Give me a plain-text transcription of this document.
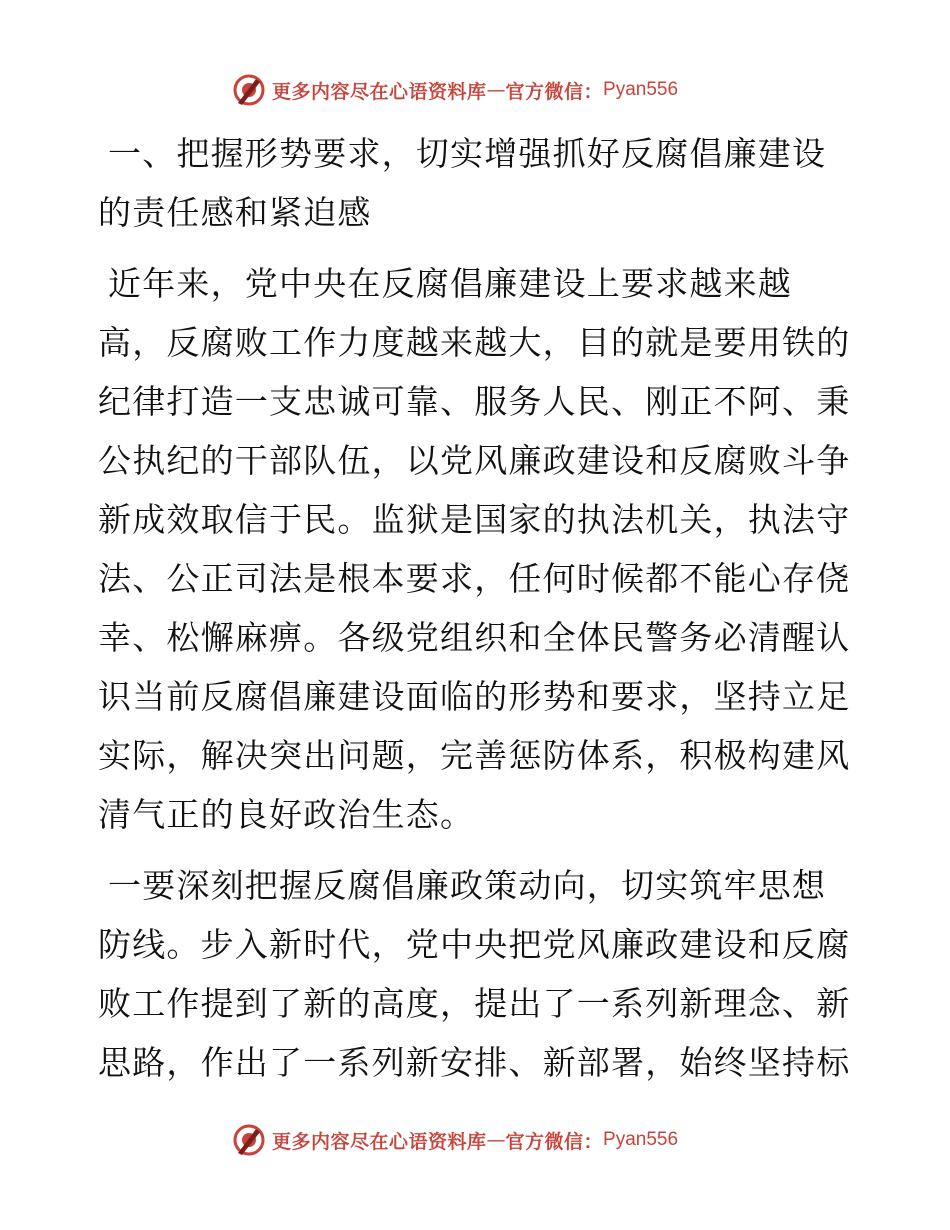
更多内容尽在心语资料库 — 官方微信： Pyan556
一、把握形势要求，切实增强抓好反腐倡廉建设
的责任感和紧迫感
近年来，党中央在反腐倡廉建设上要求越来越
高，反腐败工作力度越来越大，目的就是要用铁的
纪律打造一支忠诚可靠、服务人民、刚正不阿、秉
公执纪的干部队伍，以党风廉政建设和反腐败斗争
新成效取信于民。监狱是国家的执法机关，执法守
法、公正司法是根本要求，任何时候都不能心存侥
幸、松懈麻痹。各级党组织和全体民警务必清醒认
识当前反腐倡廉建设面临的形势和要求，坚持立足
实际，解决突出问题，完善惩防体系，积极构建风
清气正的良好政治生态。
一要深刻把握反腐倡廉政策动向，切实筑牢思想
防线。步入新时代，党中央把党风廉政建设和反腐
败工作提到了新的高度，提出了一系列新理念、新
思路，作出了一系列新安排、新部署，始终坚持标
更多内容尽在心语资料库 — 官方微信： Pyan556
